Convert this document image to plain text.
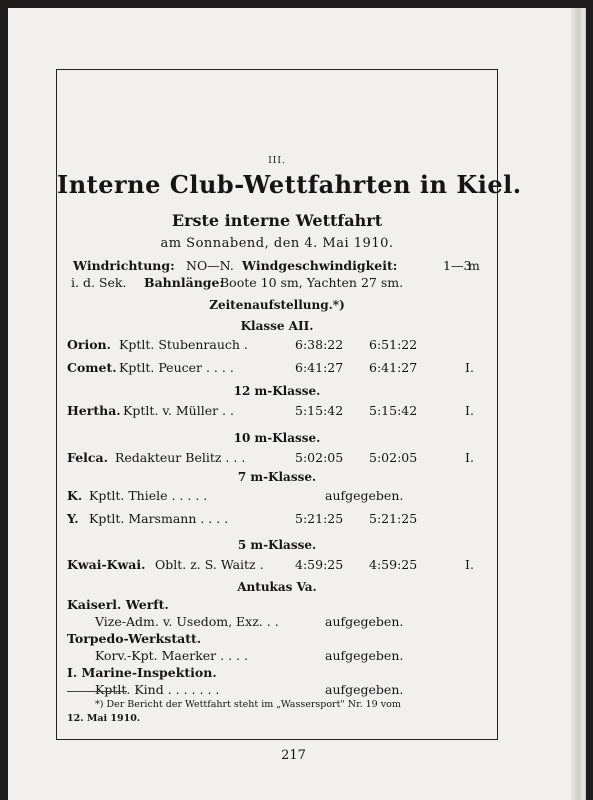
III.
Interne Club-Wettfahrten in Kiel.
Erste interne Wettfahrt
am Sonnabend, den 4. Mai 1910.
Windrichtung: NO—N. Windgeschwindigkeit:	1—3
m
i. d. Sek. Bahnlänge:
Boote 10 sm, Yachten 27 sm.
Zeitenaufstellung.*)
Klasse AII.
Orion. Kptlt. Stubenrauch .	6:38:22 6:51:22
Comet. Kptlt. Peucer . . . .	6:41:27 6:41:27	I.
12 m-Klasse.
Hertha. Kptlt. v. Müller . .	5:15:42 5:15:42	I.
10 m-Klasse.
Felca. Redakteur Belitz . . .	5:02:05 5:02:05	I.
7 m-Klasse.
K. Kptlt. Thiele . . . . .	aufgegeben.
Y. Kptlt. Marsmann . . . .	5:21:25 5:21:25
5 m-Klasse.
Kwai-Kwai. Oblt. z. S. Waitz .	4:59:25 4:59:25	I.
Antukas Va.
Kaiserl. Werft.
Vize-Adm. v. Usedom, Exz. . .	aufgegeben.
Torpedo-Werkstatt.
Korv.-Kpt. Maerker . . . .	aufgegeben.
I. Marine-Inspektion.
Kptlt. Kind . . . . . . .	aufgegeben.
*) Der Bericht der Wettfahrt steht im „Wassersport" Nr. 19 vom
12. Mai 1910.
217
